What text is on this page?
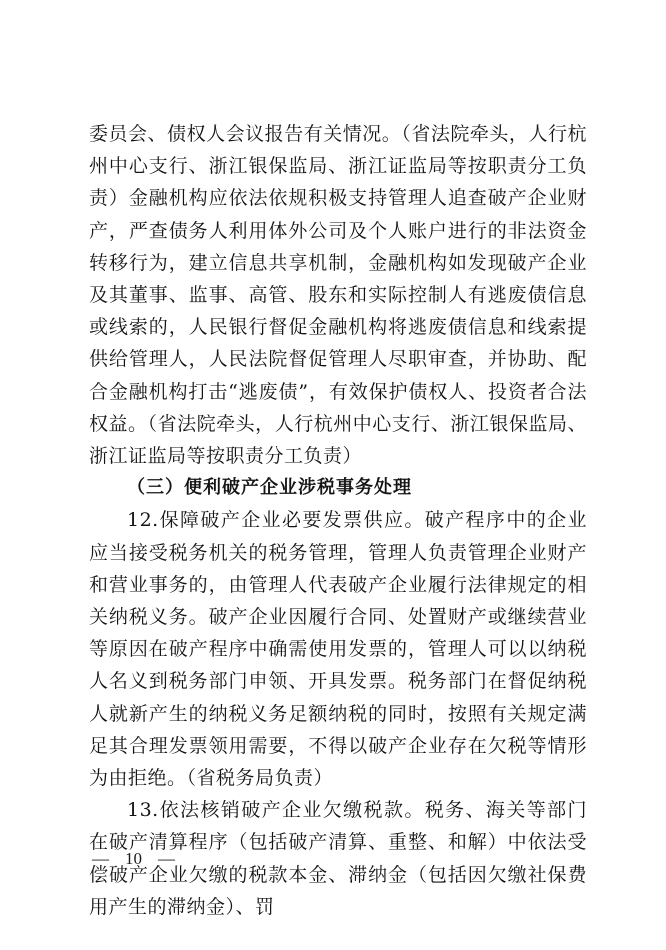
委员会、债权人会议报告有关情况。（省法院牵头，人行杭州中心支行、浙江银保监局、浙江证监局等按职责分工负责）金融机构应依法依规积极支持管理人追查破产企业财产，严查债务人利用体外公司及个人账户进行的非法资金转移行为，建立信息共享机制，金融机构如发现破产企业及其董事、监事、高管、股东和实际控制人有逃废债信息或线索的，人民银行督促金融机构将逃废债信息和线索提供给管理人，人民法院督促管理人尽职审查，并协助、配合金融机构打击“逃废债”，有效保护债权人、投资者合法权益。（省法院牵头，人行杭州中心支行、浙江银保监局、浙江证监局等按职责分工负责）

（三）便利破产企业涉税事务处理

12.保障破产企业必要发票供应。破产程序中的企业应当接受税务机关的税务管理，管理人负责管理企业财产和营业事务的，由管理人代表破产企业履行法律规定的相关纳税义务。破产企业因履行合同、处置财产或继续营业等原因在破产程序中确需使用发票的，管理人可以以纳税人名义到税务部门申领、开具发票。税务部门在督促纳税人就新产生的纳税义务足额纳税的同时，按照有关规定满足其合理发票领用需要，不得以破产企业存在欠税等情形为由拒绝。（省税务局负责）

13.依法核销破产企业欠缴税款。税务、海关等部门在破产清算程序（包括破产清算、重整、和解）中依法受偿破产企业欠缴的税款本金、滞纳金（包括因欠缴社保费用产生的滞纳金）、罚

— 10 —
